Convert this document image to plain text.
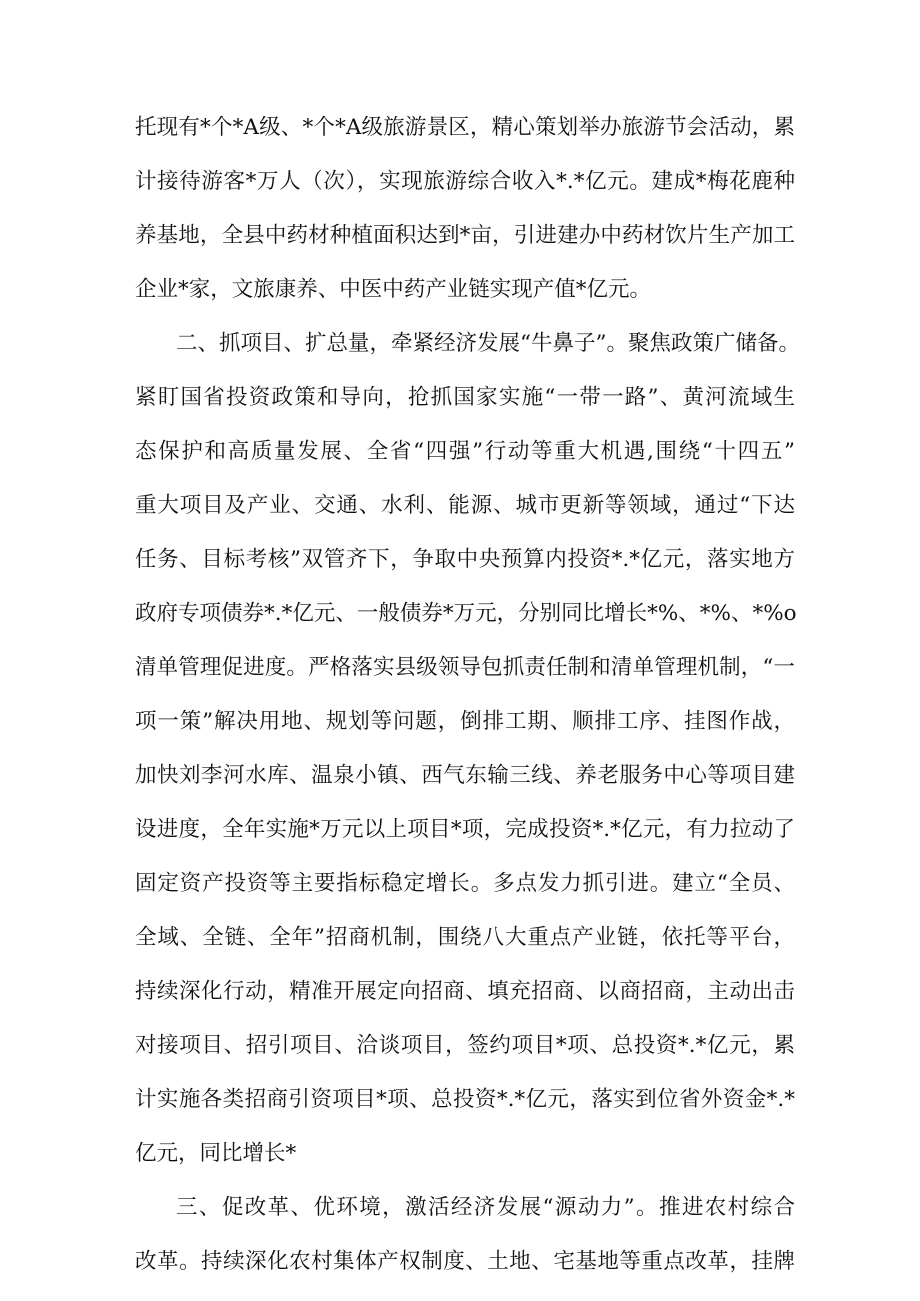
托现有*个*A级、*个*A级旅游景区，精心策划举办旅游节会活动，累
计接待游客*万人（次），实现旅游综合收入*.*亿元。建成*梅花鹿种
养基地，全县中药材种植面积达到*亩，引进建办中药材饮片生产加工
企业*家，文旅康养、中医中药产业链实现产值*亿元。
二、抓项目、扩总量，牵紧经济发展“牛鼻子”。聚焦政策广储备。
紧盯国省投资政策和导向，抢抓国家实施“一带一路”、黄河流域生
态保护和高质量发展、全省“四强”行动等重大机遇,围绕“十四五”
重大项目及产业、交通、水利、能源、城市更新等领域，通过“下达
任务、目标考核”双管齐下，争取中央预算内投资*.*亿元，落实地方
政府专项债券*.*亿元、一般债券*万元，分别同比增长*%、*%、*%o
清单管理促进度。严格落实县级领导包抓责任制和清单管理机制，“一
项一策”解决用地、规划等问题，倒排工期、顺排工序、挂图作战，
加快刘李河水库、温泉小镇、西气东输三线、养老服务中心等项目建
设进度，全年实施*万元以上项目*项，完成投资*.*亿元，有力拉动了
固定资产投资等主要指标稳定增长。多点发力抓引进。建立“全员、
全域、全链、全年”招商机制，围绕八大重点产业链，依托等平台，
持续深化行动，精准开展定向招商、填充招商、以商招商，主动出击
对接项目、招引项目、洽谈项目，签约项目*项、总投资*.*亿元，累
计实施各类招商引资项目*项、总投资*.*亿元，落实到位省外资金*.*
亿元，同比增长*
三、促改革、优环境，激活经济发展“源动力”。推进农村综合
改革。持续深化农村集体产权制度、土地、宅基地等重点改革，挂牌
